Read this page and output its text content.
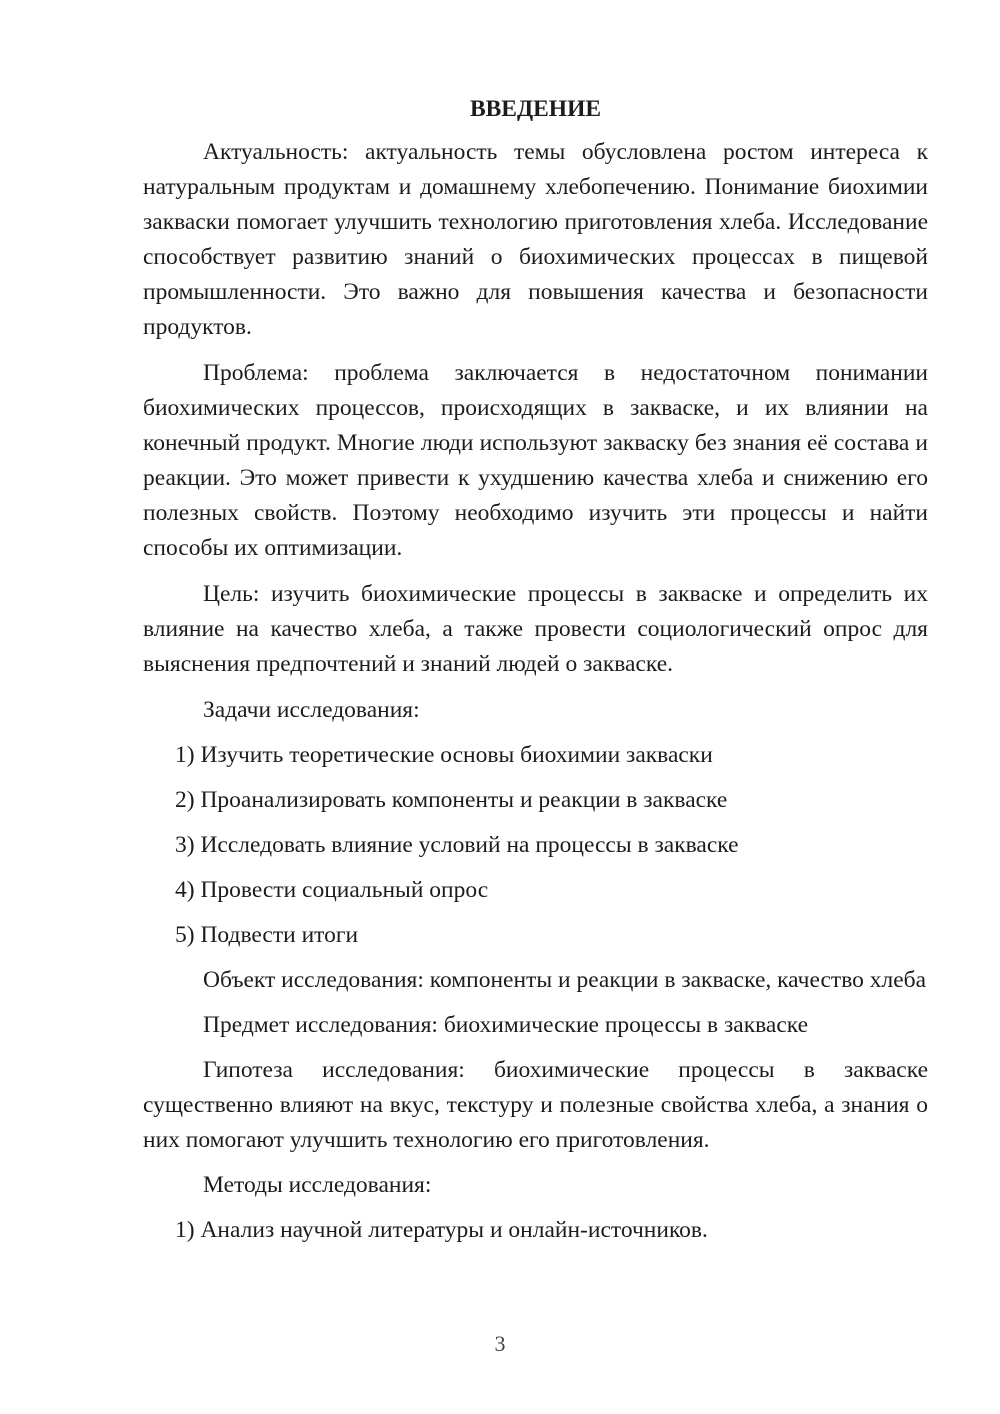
ВВЕДЕНИЕ

Актуальность: актуальность темы обусловлена ростом интереса к натуральным продуктам и домашнему хлебопечению. Понимание биохимии закваски помогает улучшить технологию приготовления хлеба. Исследование способствует развитию знаний о биохимических процессах в пищевой промышленности. Это важно для повышения качества и безопасности продуктов.

Проблема: проблема заключается в недостаточном понимании биохимических процессов, происходящих в закваске, и их влиянии на конечный продукт. Многие люди используют закваску без знания её состава и реакции. Это может привести к ухудшению качества хлеба и снижению его полезных свойств. Поэтому необходимо изучить эти процессы и найти способы их оптимизации.

Цель: изучить биохимические процессы в закваске и определить их влияние на качество хлеба, а также провести социологический опрос для выяснения предпочтений и знаний людей о закваске.

Задачи исследования:
1) Изучить теоретические основы биохимии закваски
2) Проанализировать компоненты и реакции в закваске
3) Исследовать влияние условий на процессы в закваске
4) Провести социальный опрос
5) Подвести итоги

Объект исследования: компоненты и реакции в закваске, качество хлеба

Предмет исследования: биохимические процессы в закваске

Гипотеза исследования: биохимические процессы в закваске существенно влияют на вкус, текстуру и полезные свойства хлеба, а знания о них помогают улучшить технологию его приготовления.

Методы исследования:
1) Анализ научной литературы и онлайн-источников.
3
